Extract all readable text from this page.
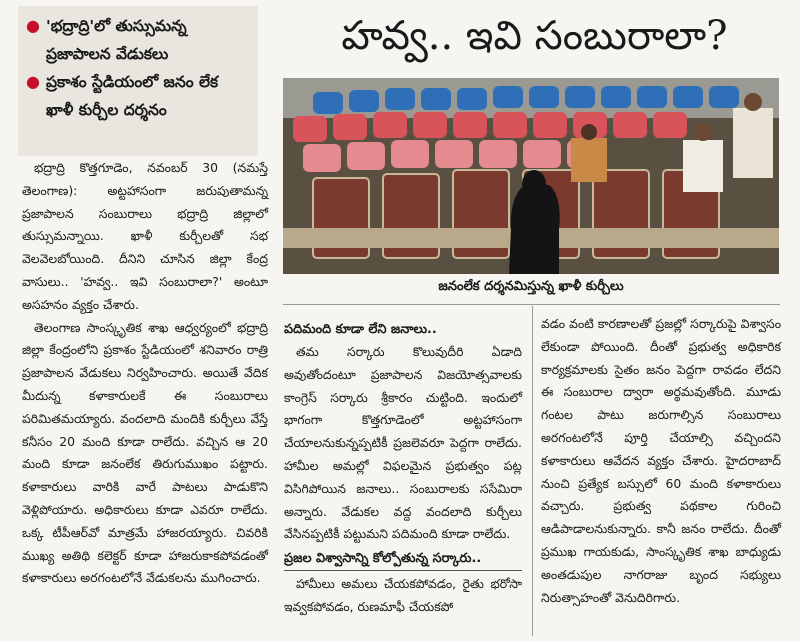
● 'భద్రాద్రి'లో తుస్సుమన్న ప్రజాపాలన వేడుకలు
● ప్రకాశం స్టేడియంలో జనం లేక ఖాళీ కుర్చీల దర్శనం
హవ్వ.. ఇవి సంబురాలా?
జనంలేక దర్శనమిస్తున్న ఖాళీ కుర్చీలు

భద్రాద్రి కొత్తగూడెం, నవంబర్ 30 (నమస్తే తెలంగాణ): అట్టహాసంగా జరుపుతామన్న ప్రజాపాలన సంబురాలు భద్రాద్రి జిల్లాలో తుస్సుమన్నాయి. ఖాళీ కుర్చీలతో సభ వెలవెలబోయింది. దీనిని చూసిన జిల్లా కేంద్ర వాసులు.. 'హవ్వ.. ఇవి సంబురాలా?' అంటూ అసహనం వ్యక్తం చేశారు.

తెలంగాణ సాంస్కృతిక శాఖ ఆధ్వర్యంలో భద్రాద్రి జిల్లా కేంద్రంలోని ప్రకాశం స్టేడియంలో శనివారం రాత్రి ప్రజాపాలన వేడుకలు నిర్వహించారు. అయితే వేదిక మీదున్న కళాకారులకే ఈ సంబురాలు పరిమితమయ్యారు. వందలాది మందికి కుర్చీలు వేస్తే కనీసం 20 మంది కూడా రాలేదు. వచ్చిన ఆ 20 మంది కూడా జనంలేక తిరుగుముఖం పట్టారు. కళాకారులు వారికి వారే పాటలు పాడుకొని వెళ్లిపోయారు. అధికారులు కూడా ఎవరూ రాలేదు. ఒక్క టీపీఆర్‌వో మాత్రమే హాజరయ్యారు. చివరికి ముఖ్య అతిథి కలెక్టర్ కూడా హాజరుకాకపోవడంతో కళాకారులు అరగంటలోనే వేడుకలను ముగించారు.

పదిమంది కూడా లేని జనాలు..

తమ సర్కారు కొలువుదీరి ఏడాది అవుతోందంటూ ప్రజాపాలన విజయోత్సవాలకు కాంగ్రెస్ సర్కారు శ్రీకారం చుట్టింది. ఇందులో భాగంగా కొత్తగూడెంలో అట్టహాసంగా చేయాలనుకున్నప్పటికీ ప్రజలెవరూ పెద్దగా రాలేదు. హామీల అమల్లో విఫలమైన ప్రభుత్వం పట్ల విసిగిపోయిన జనాలు.. సంబురాలకు ససేమిరా అన్నారు. వేడుకల వద్ద వందలాది కుర్చీలు వేసినప్పటికీ పట్టుమని పదిమంది కూడా రాలేదు.

ప్రజల విశ్వాసాన్ని కోల్పోతున్న సర్కారు..

హామీలు అమలు చేయకపోవడం, రైతు భరోసా ఇవ్వకపోవడం, రుణమాఫీ చేయకపో

వడం వంటి కారణాలతో ప్రజల్లో సర్కారుపై విశ్వాసం లేకుండా పోయింది. దీంతో ప్రభుత్వ అధికారిక కార్యక్రమాలకు సైతం జనం పెద్దగా రావడం లేదని ఈ సంబురాల ద్వారా అర్థమవుతోంది. మూడు గంటల పాటు జరుగాల్సిన సంబురాలు అరగంటలోనే పూర్తి చేయాల్సి వచ్చిందని కళాకారులు ఆవేదన వ్యక్తం చేశారు. హైదరాబాద్ నుంచి ప్రత్యేక బస్సులో 60 మంది కళాకారులు వచ్చారు. ప్రభుత్వ పథకాల గురించి ఆడిపాడాలనుకున్నారు. కానీ జనం రాలేదు. దీంతో ప్రముఖ గాయకుడు, సాంస్కృతిక శాఖ బాధ్యుడు అంతడుపుల నాగరాజు బృంద సభ్యులు నిరుత్సాహంతో వెనుదిరిగారు.
